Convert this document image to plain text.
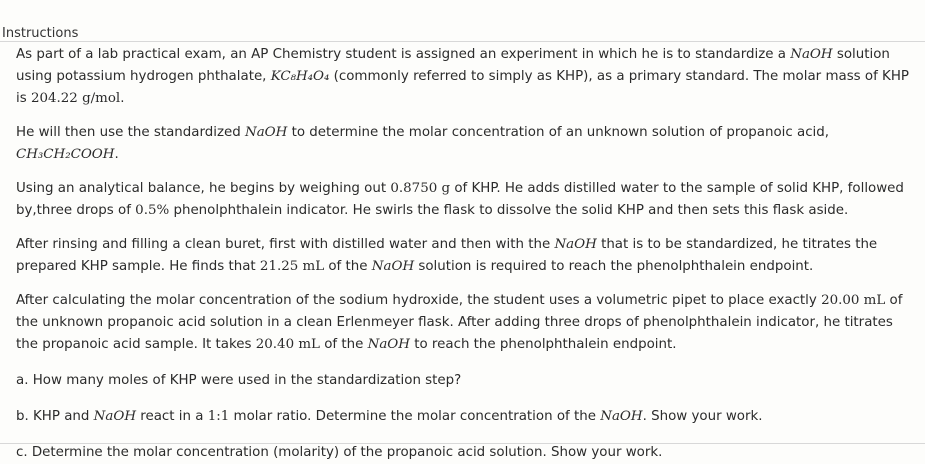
Instructions

As part of a lab practical exam, an AP Chemistry student is assigned an experiment in which he is to standardize a NaOH solution using potassium hydrogen phthalate, KC₈H₄O₄ (commonly referred to simply as KHP), as a primary standard. The molar mass of KHP is 204.22 g/mol.

He will then use the standardized NaOH to determine the molar concentration of an unknown solution of propanoic acid, CH₃CH₂COOH.

Using an analytical balance, he begins by weighing out 0.8750 g of KHP. He adds distilled water to the sample of solid KHP, followed by,three drops of 0.5% phenolphthalein indicator. He swirls the flask to dissolve the solid KHP and then sets this flask aside.

After rinsing and filling a clean buret, first with distilled water and then with the NaOH that is to be standardized, he titrates the prepared KHP sample. He finds that 21.25 mL of the NaOH solution is required to reach the phenolphthalein endpoint.

After calculating the molar concentration of the sodium hydroxide, the student uses a volumetric pipet to place exactly 20.00 mL of the unknown propanoic acid solution in a clean Erlenmeyer flask. After adding three drops of phenolphthalein indicator, he titrates the propanoic acid sample. It takes 20.40 mL of the NaOH to reach the phenolphthalein endpoint.

a. How many moles of KHP were used in the standardization step?

b. KHP and NaOH react in a 1:1 molar ratio. Determine the molar concentration of the NaOH. Show your work.

c. Determine the molar concentration (molarity) of the propanoic acid solution. Show your work.
